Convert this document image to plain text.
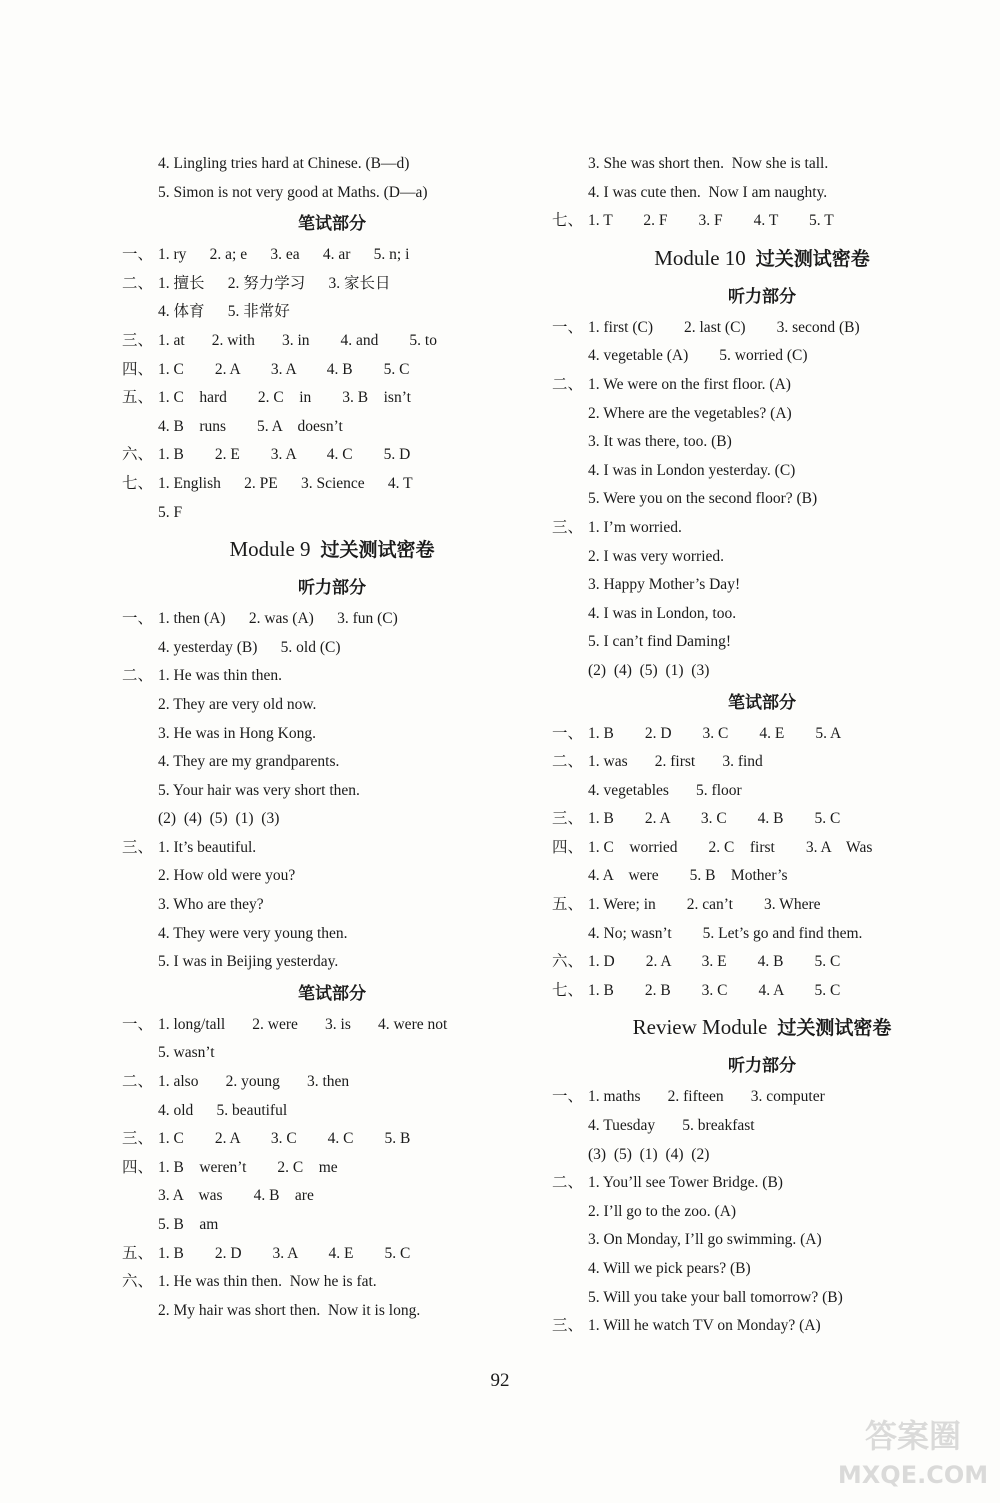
4. Lingling tries hard at Chinese. (B—d)
5. Simon is not very good at Maths. (D—a)
笔试部分
一、 1. ry      2. a; e      3. ea      4. ar      5. n; i
二、 1. 擅长      2. 努力学习      3. 家长日
4. 体育      5. 非常好
三、 1. at       2. with       3. in        4. and        5. to
四、 1. C        2. A        3. A        4. B        5. C
五、 1. C    hard        2. C    in        3. B    isn’t
4. B    runs        5. A    doesn’t
六、 1. B        2. E        3. A        4. C        5. D
七、 1. English      2. PE      3. Science      4. T
5. F
Module 9 过关测试密卷
听力部分
一、 1. then (A)      2. was (A)      3. fun (C)
4. yesterday (B)      5. old (C)
二、 1. He was thin then.
2. They are very old now.
3. He was in Hong Kong.
4. They are my grandparents.
5. Your hair was very short then.
(2)  (4)  (5)  (1)  (3)
三、 1. It’s beautiful.
2. How old were you?
3. Who are they?
4. They were very young then.
5. I was in Beijing yesterday.
笔试部分
一、 1. long/tall       2. were       3. is       4. were not
5. wasn’t
二、 1. also       2. young       3. then
4. old      5. beautiful
三、 1. C        2. A        3. C        4. C        5. B
四、 1. B    weren’t        2. C    me
3. A    was        4. B    are
5. B    am
五、 1. B        2. D        3. A        4. E        5. C
六、 1. He was thin then.  Now he is fat.
2. My hair was short then.  Now it is long.
3. She was short then.  Now she is tall.
4. I was cute then.  Now I am naughty.
七、 1. T        2. F        3. F        4. T        5. T
Module 10 过关测试密卷
听力部分
一、 1. first (C)        2. last (C)        3. second (B)
4. vegetable (A)        5. worried (C)
二、 1. We were on the first floor. (A)
2. Where are the vegetables? (A)
3. It was there, too. (B)
4. I was in London yesterday. (C)
5. Were you on the second floor? (B)
三、 1. I’m worried.
2. I was very worried.
3. Happy Mother’s Day!
4. I was in London, too.
5. I can’t find Daming!
(2)  (4)  (5)  (1)  (3)
笔试部分
一、 1. B        2. D        3. C        4. E        5. A
二、 1. was       2. first       3. find
4. vegetables       5. floor
三、 1. B        2. A        3. C        4. B        5. C
四、 1. C    worried        2. C    first        3. A    Was
4. A    were        5. B    Mother’s
五、 1. Were; in        2. can’t        3. Where
4. No; wasn’t        5. Let’s go and find them.
六、 1. D        2. A        3. E        4. B        5. C
七、 1. B        2. B        3. C        4. A        5. C
Review Module 过关测试密卷
听力部分
一、 1. maths       2. fifteen       3. computer
4. Tuesday       5. breakfast
(3)  (5)  (1)  (4)  (2)
二、 1. You’ll see Tower Bridge. (B)
2. I’ll go to the zoo. (A)
3. On Monday, I’ll go swimming. (A)
4. Will we pick pears? (B)
5. Will you take your ball tomorrow? (B)
三、 1. Will he watch TV on Monday? (A)
92
答案圈
MXQE.COM
